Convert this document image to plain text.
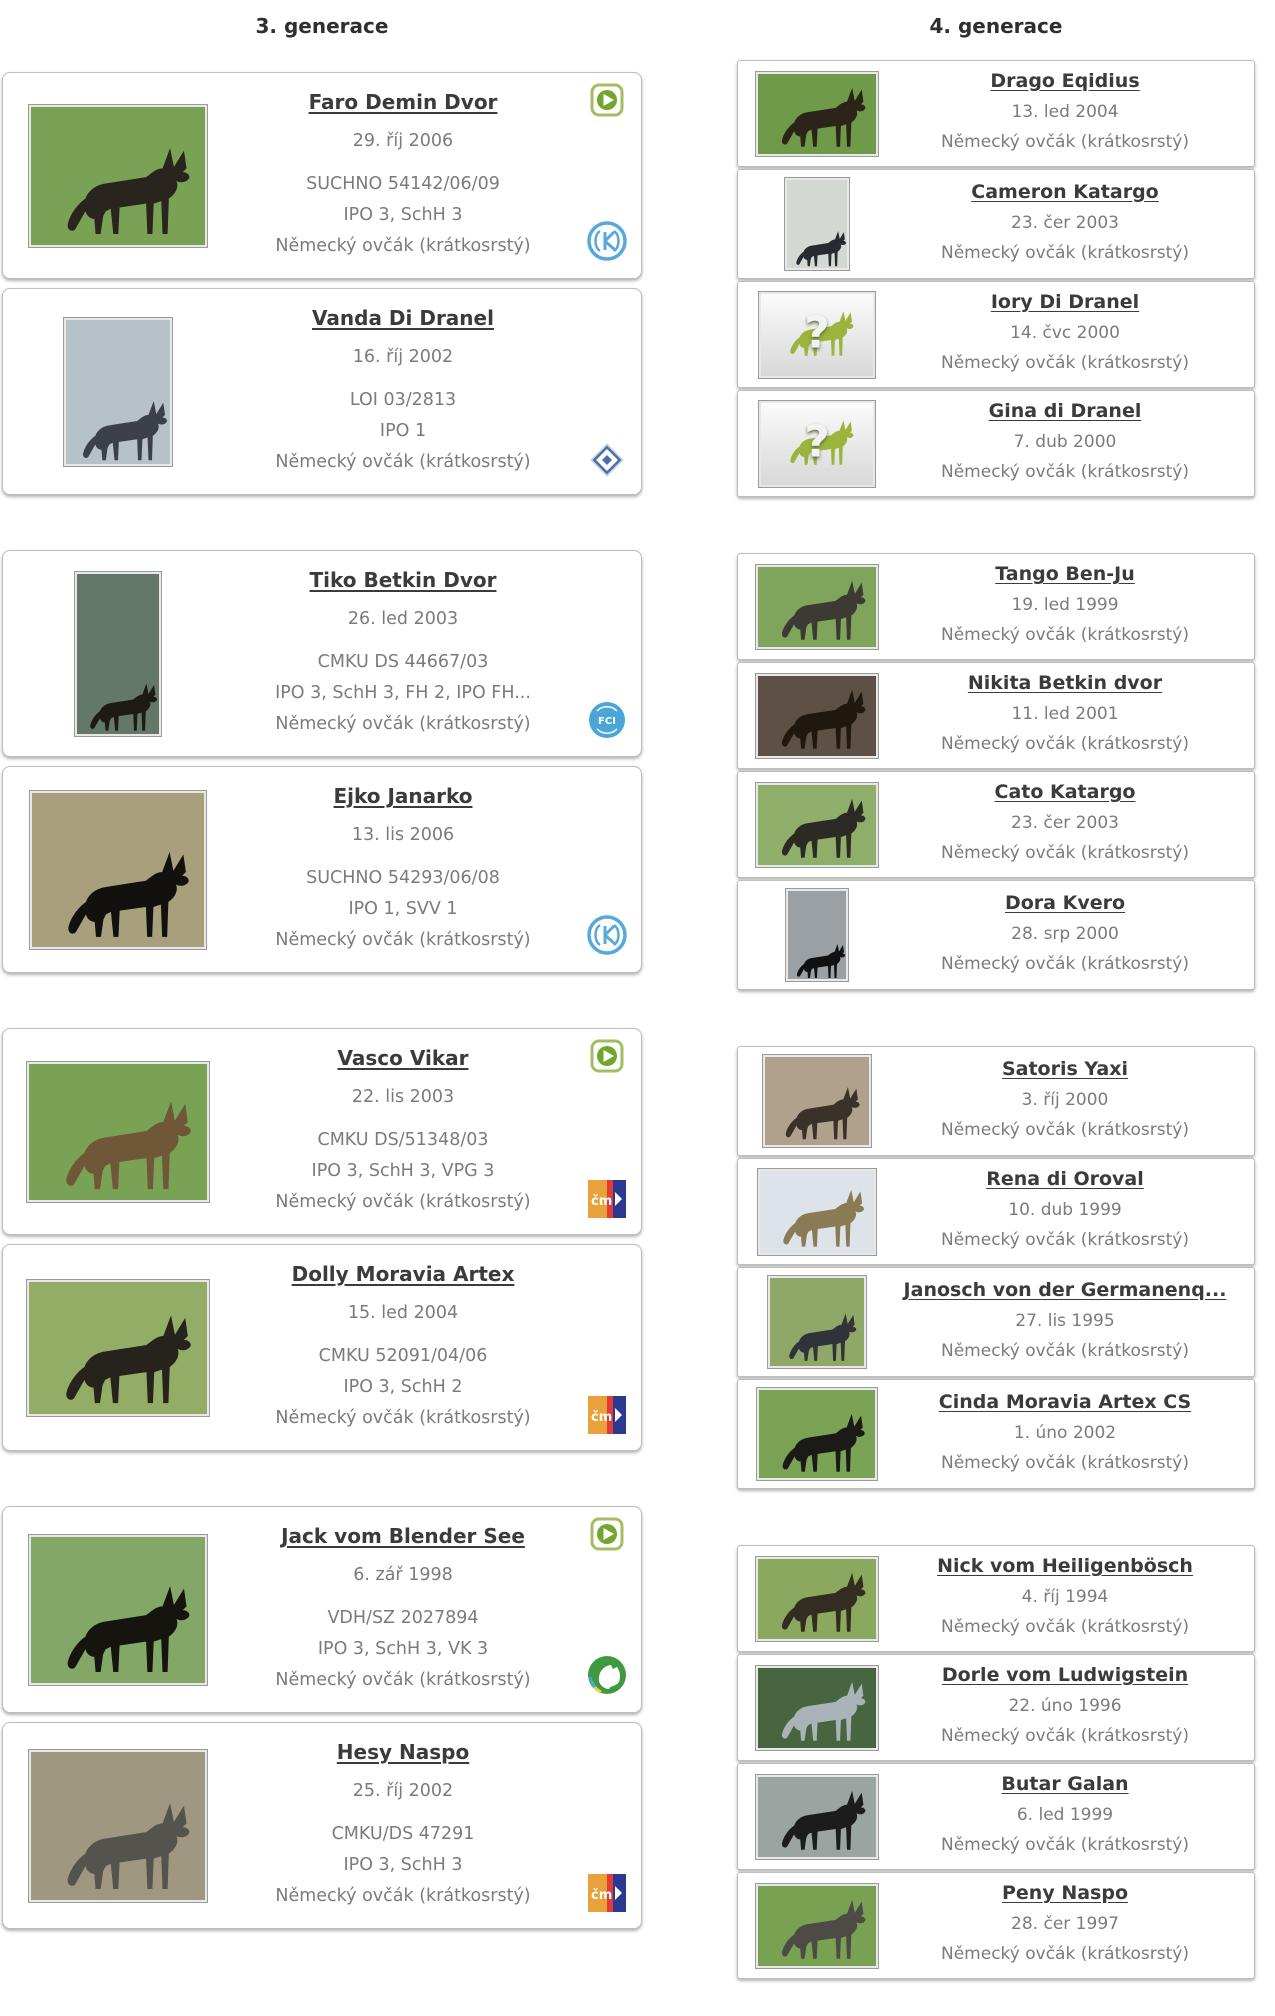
3. generace
Faro Demin Dvor
29. říj 2006
SUCHNO 54142/06/09
IPO 3, SchH 3
Německý ovčák (krátkosrstý)
Vanda Di Dranel
16. říj 2002
LOI 03/2813
IPO 1
Německý ovčák (krátkosrstý)
Tiko Betkin Dvor
26. led 2003
CMKU DS 44667/03
IPO 3, SchH 3, FH 2, IPO FH...
Německý ovčák (krátkosrstý)	FCI
Ejko Janarko
13. lis 2006
SUCHNO 54293/06/08
IPO 1, SVV 1
Německý ovčák (krátkosrstý)
Vasco Vikar
22. lis 2003
CMKU DS/51348/03
IPO 3, SchH 3, VPG 3
Německý ovčák (krátkosrstý)	čm
Dolly Moravia Artex
15. led 2004
CMKU 52091/04/06
IPO 3, SchH 2
Německý ovčák (krátkosrstý)	čm
Jack vom Blender See
6. zář 1998
VDH/SZ 2027894
IPO 3, SchH 3, VK 3
Německý ovčák (krátkosrstý)
Hesy Naspo
25. říj 2002
CMKU/DS 47291
IPO 3, SchH 3
Německý ovčák (krátkosrstý)	čm
4. generace
Drago Eqidius
13. led 2004
Německý ovčák (krátkosrstý)
Cameron Katargo
23. čer 2003
Německý ovčák (krátkosrstý)
?
Iory Di Dranel
14. čvc 2000
Německý ovčák (krátkosrstý)
?
Gina di Dranel
7. dub 2000
Německý ovčák (krátkosrstý)
Tango Ben-Ju
19. led 1999
Německý ovčák (krátkosrstý)
Nikita Betkin dvor
11. led 2001
Německý ovčák (krátkosrstý)
Cato Katargo
23. čer 2003
Německý ovčák (krátkosrstý)
Dora Kvero
28. srp 2000
Německý ovčák (krátkosrstý)
Satoris Yaxi
3. říj 2000
Německý ovčák (krátkosrstý)
Rena di Oroval
10. dub 1999
Německý ovčák (krátkosrstý)
Janosch von der Germanenq...
27. lis 1995
Německý ovčák (krátkosrstý)
Cinda Moravia Artex CS
1. úno 2002
Německý ovčák (krátkosrstý)
Nick vom Heiligenbösch
4. říj 1994
Německý ovčák (krátkosrstý)
Dorle vom Ludwigstein
22. úno 1996
Německý ovčák (krátkosrstý)
Butar Galan
6. led 1999
Německý ovčák (krátkosrstý)
Peny Naspo
28. čer 1997
Německý ovčák (krátkosrstý)
